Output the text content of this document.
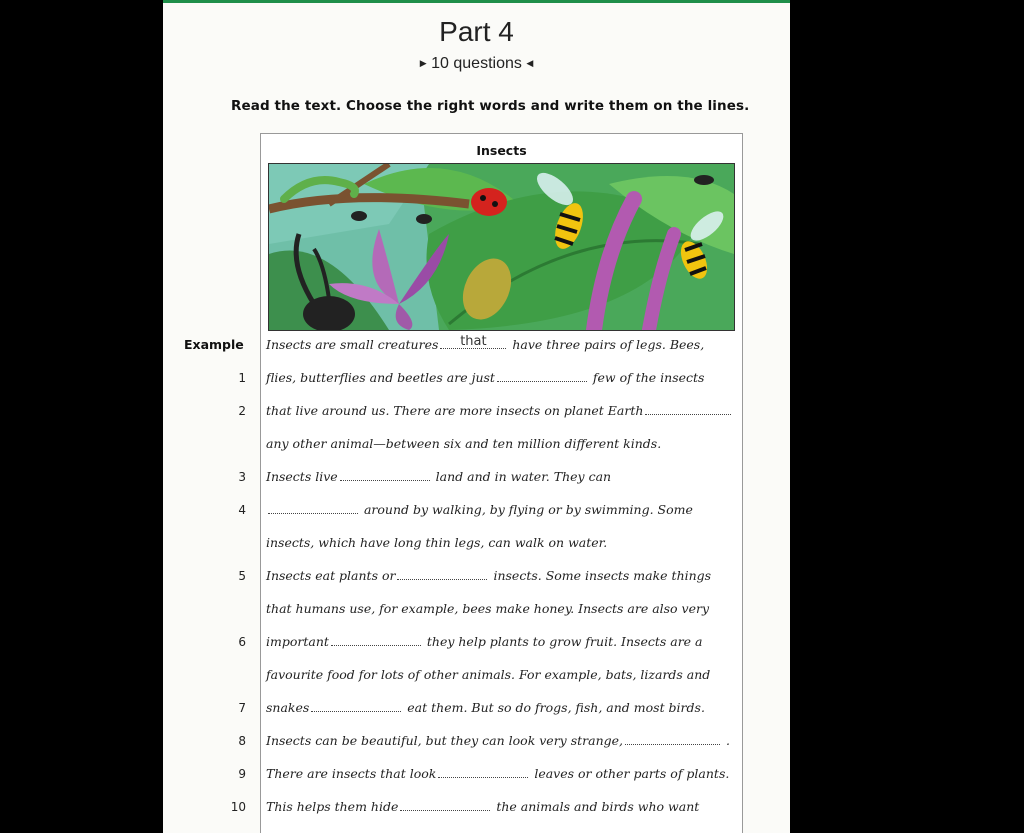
Part 4
▶ 10 questions ◀
Read the text. Choose the right words and write them on the lines.
Insects
Example Insects are small creatures	that	have three pairs of legs. Bees,
1 flies, butterflies and beetles are just	few of the insects
2 that live around us. There are more insects on planet Earth
any other animal—between six and ten million different kinds.
3 Insects live	land and in water. They can
4	around by walking, by flying or by swimming. Some
insects, which have long thin legs, can walk on water.
5 Insects eat plants or	insects. Some insects make things
that humans use, for example, bees make honey. Insects are also very
6 important	they help plants to grow fruit. Insects are a
favourite food for lots of other animals. For example, bats, lizards and
7 snakes	eat them. But so do frogs, fish, and most birds.
8 Insects can be beautiful, but they can look very strange,	.
9 There are insects that look	leaves or other parts of plants.
10 This helps them hide	the animals and birds who want
